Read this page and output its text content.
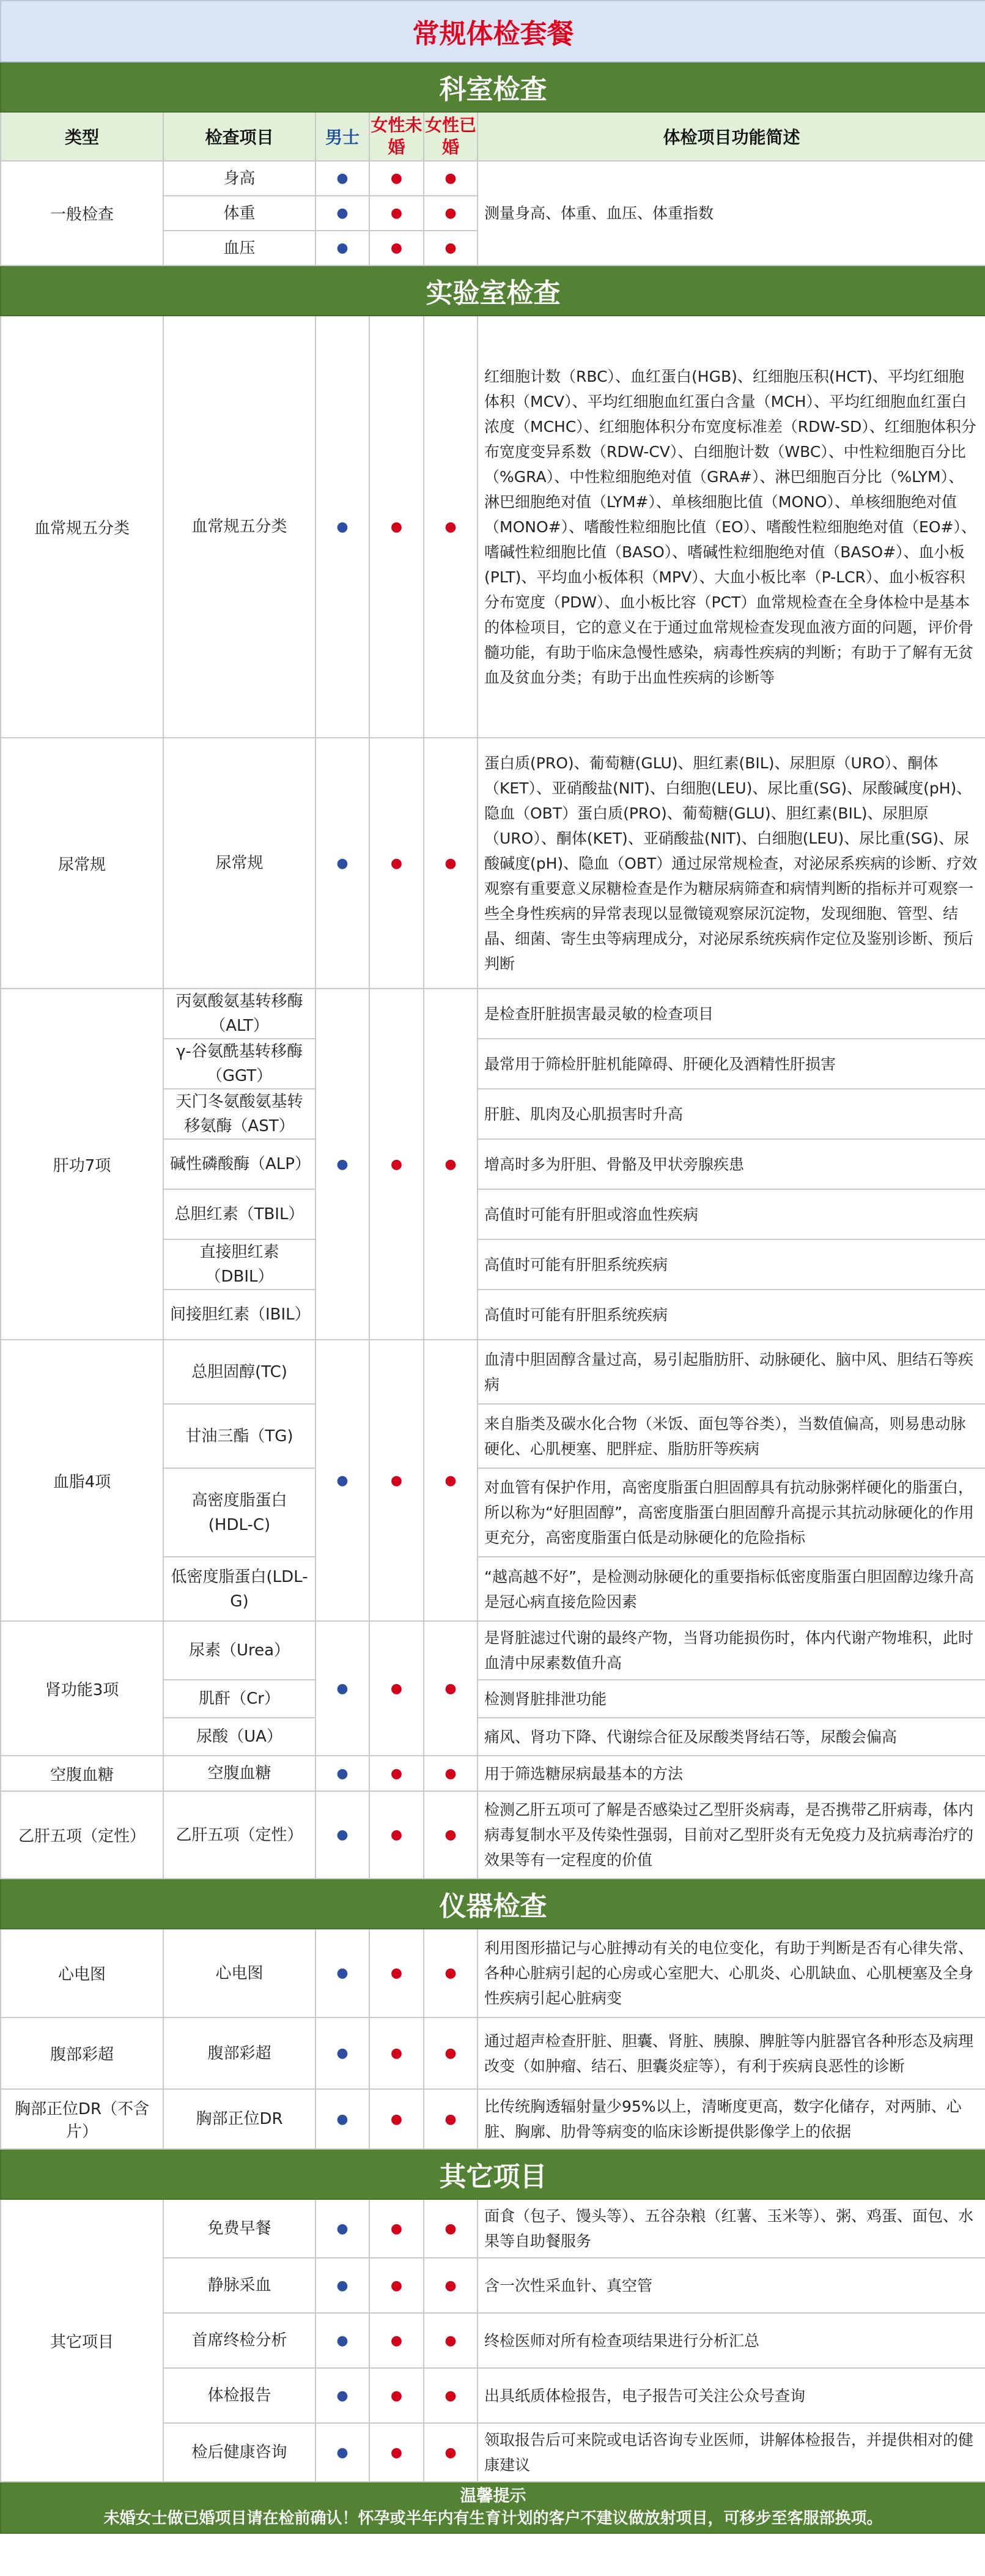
常规体检套餐					
科室检查					
类型	检查项目	男士	女性未婚	女性已婚	体检项目功能简述
一般检查	身高	●	●	●	测量身高、体重、血压、体重指数
	体重	●	●	●	
	血压	●	●	●	
实验室检查					
血常规五分类	血常规五分类	●	●	●	红细胞计数（RBC）、血红蛋白(HGB)、红细胞压积(HCT)、平均红细胞体积（MCV）、平均红细胞血红蛋白含量（MCH）、平均红细胞血红蛋白浓度（MCHC）、红细胞体积分布宽度标准差（RDW-SD）、红细胞体积分布宽度变异系数（RDW-CV）、白细胞计数（WBC）、中性粒细胞百分比（%GRA）、中性粒细胞绝对值（GRA#）、淋巴细胞百分比（%LYM）、淋巴细胞绝对值（LYM#）、单核细胞比值（MONO）、单核细胞绝对值（MONO#）、嗜酸性粒细胞比值（EO）、嗜酸性粒细胞绝对值（EO#）、嗜碱性粒细胞比值（BASO）、嗜碱性粒细胞绝对值（BASO#）、血小板(PLT)、平均血小板体积（MPV）、大血小板比率（P-LCR）、血小板容积分布宽度（PDW）、血小板比容（PCT）血常规检查在全身体检中是基本的体检项目，它的意义在于通过血常规检查发现血液方面的问题，评价骨髓功能，有助于临床急慢性感染，病毒性疾病的判断；有助于了解有无贫血及贫血分类；有助于出血性疾病的诊断等
尿常规	尿常规	●	●	●	蛋白质(PRO)、葡萄糖(GLU)、胆红素(BIL)、尿胆原（URO）、酮体（KET）、亚硝酸盐(NIT)、白细胞(LEU)、尿比重(SG)、尿酸碱度(pH)、隐血（OBT）蛋白质(PRO)、葡萄糖(GLU)、胆红素(BIL)、尿胆原（URO）、酮体(KET)、亚硝酸盐(NIT)、白细胞(LEU)、尿比重(SG)、尿酸碱度(pH)、隐血（OBT）通过尿常规检查，对泌尿系疾病的诊断、疗效观察有重要意义尿糖检查是作为糖尿病筛查和病情判断的指标并可观察一些全身性疾病的异常表现以显微镜观察尿沉淀物，发现细胞、管型、结晶、细菌、寄生虫等病理成分，对泌尿系统疾病作定位及鉴别诊断、预后判断
肝功7项	丙氨酸氨基转移酶（ALT）	●	●	●	是检查肝脏损害最灵敏的检查项目
	γ-谷氨酰基转移酶（GGT）				最常用于筛检肝脏机能障碍、肝硬化及酒精性肝损害
	天门冬氨酸氨基转移氨酶（AST）				肝脏、肌肉及心肌损害时升高
	碱性磷酸酶（ALP）				增高时多为肝胆、骨骼及甲状旁腺疾患
	总胆红素（TBIL）				高值时可能有肝胆或溶血性疾病
	直接胆红素（DBIL）				高值时可能有肝胆系统疾病
	间接胆红素（IBIL）				高值时可能有肝胆系统疾病
血脂4项	总胆固醇(TC)	●	●	●	血清中胆固醇含量过高，易引起脂肪肝、动脉硬化、脑中风、胆结石等疾病
	甘油三酯（TG)				来自脂类及碳水化合物（米饭、面包等谷类），当数值偏高，则易患动脉硬化、心肌梗塞、肥胖症、脂肪肝等疾病
	高密度脂蛋白(HDL-C)				对血管有保护作用，高密度脂蛋白胆固醇具有抗动脉粥样硬化的脂蛋白，所以称为“好胆固醇”，高密度脂蛋白胆固醇升高提示其抗动脉硬化的作用更充分，高密度脂蛋白低是动脉硬化的危险指标
	低密度脂蛋白(LDL-G)				“越高越不好”，是检测动脉硬化的重要指标低密度脂蛋白胆固醇边缘升高是冠心病直接危险因素
肾功能3项	尿素（Urea）	●	●	●	是肾脏滤过代谢的最终产物，当肾功能损伤时，体内代谢产物堆积，此时血清中尿素数值升高
	肌酐（Cr）				检测肾脏排泄功能
	尿酸（UA）				痛风、肾功下降、代谢综合征及尿酸类肾结石等，尿酸会偏高
空腹血糖	空腹血糖	●	●	●	用于筛选糖尿病最基本的方法
乙肝五项（定性）	乙肝五项（定性）	●	●	●	检测乙肝五项可了解是否感染过乙型肝炎病毒，是否携带乙肝病毒，体内病毒复制水平及传染性强弱，目前对乙型肝炎有无免疫力及抗病毒治疗的效果等有一定程度的价值
仪器检查					
心电图	心电图	●	●	●	利用图形描记与心脏搏动有关的电位变化，有助于判断是否有心律失常、各种心脏病引起的心房或心室肥大、心肌炎、心肌缺血、心肌梗塞及全身性疾病引起心脏病变
腹部彩超	腹部彩超	●	●	●	通过超声检查肝脏、胆囊、肾脏、胰腺、脾脏等内脏器官各种形态及病理改变（如肿瘤、结石、胆囊炎症等），有利于疾病良恶性的诊断
胸部正位DR（不含片）	胸部正位DR	●	●	●	比传统胸透辐射量少95%以上，清晰度更高，数字化储存，对两肺、心脏、胸廓、肋骨等病变的临床诊断提供影像学上的依据
其它项目					
其它项目	免费早餐	●	●	●	面食（包子、馒头等）、五谷杂粮（红薯、玉米等）、粥、鸡蛋、面包、水果等自助餐服务
	静脉采血	●	●	●	含一次性采血针、真空管
	首席终检分析	●	●	●	终检医师对所有检查项结果进行分析汇总
	体检报告	●	●	●	出具纸质体检报告，电子报告可关注公众号查询
	检后健康咨询	●	●	●	领取报告后可来院或电话咨询专业医师，讲解体检报告，并提供相对的健康建议

温馨提示
未婚女士做已婚项目请在检前确认！怀孕或半年内有生育计划的客户不建议做放射项目，可移步至客服部换项。					
